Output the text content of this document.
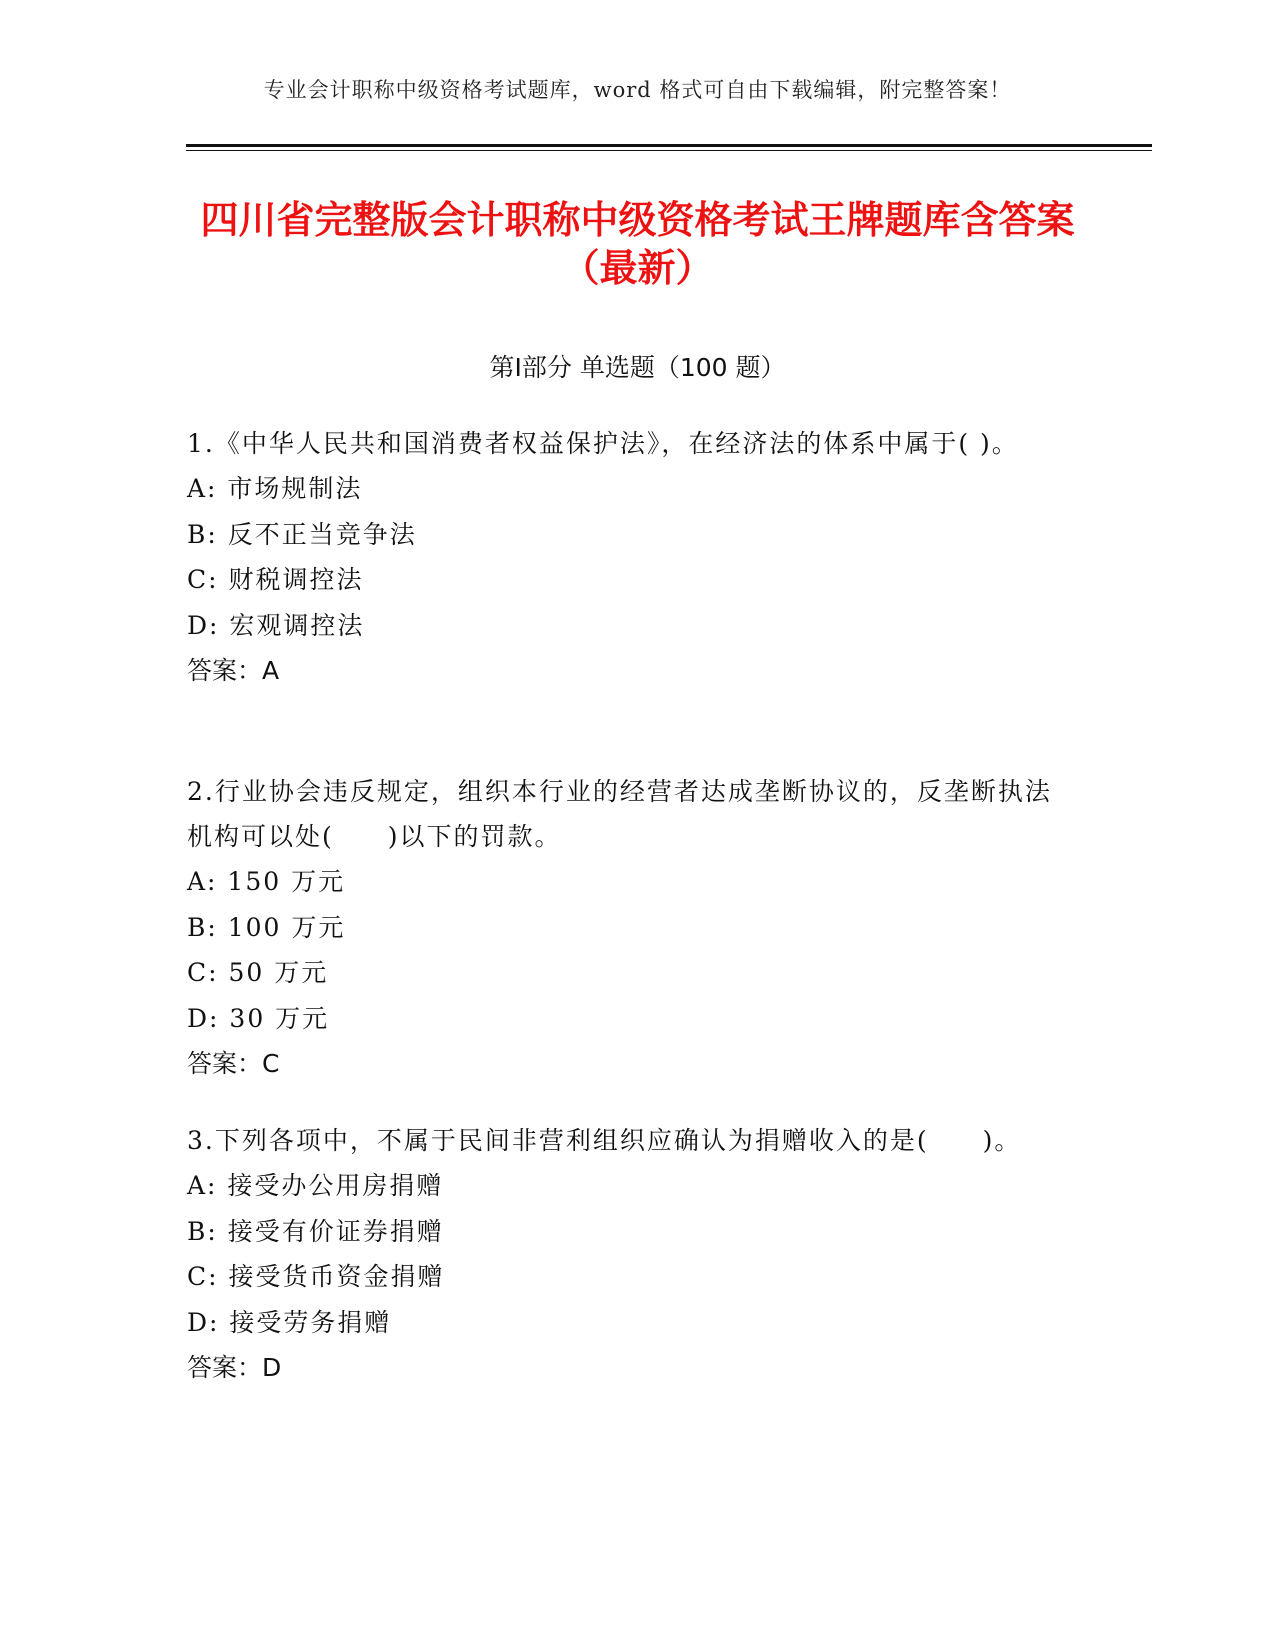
专业会计职称中级资格考试题库，word 格式可自由下载编辑，附完整答案！
四川省完整版会计职称中级资格考试王牌题库含答案（最新）
第Ⅰ部分 单选题（100 题）

1.《中华人民共和国消费者权益保护法》，在经济法的体系中属于( )。

A: 市场规制法

B: 反不正当竞争法

C: 财税调控法

D: 宏观调控法

答案：A

2.行业协会违反规定，组织本行业的经营者达成垄断协议的，反垄断执法机构可以处(　　)以下的罚款。

A: 150 万元

B: 100 万元

C: 50 万元

D: 30 万元

答案：C

3.下列各项中，不属于民间非营利组织应确认为捐赠收入的是(　　)。

A: 接受办公用房捐赠

B: 接受有价证券捐赠

C: 接受货币资金捐赠

D: 接受劳务捐赠

答案：D
